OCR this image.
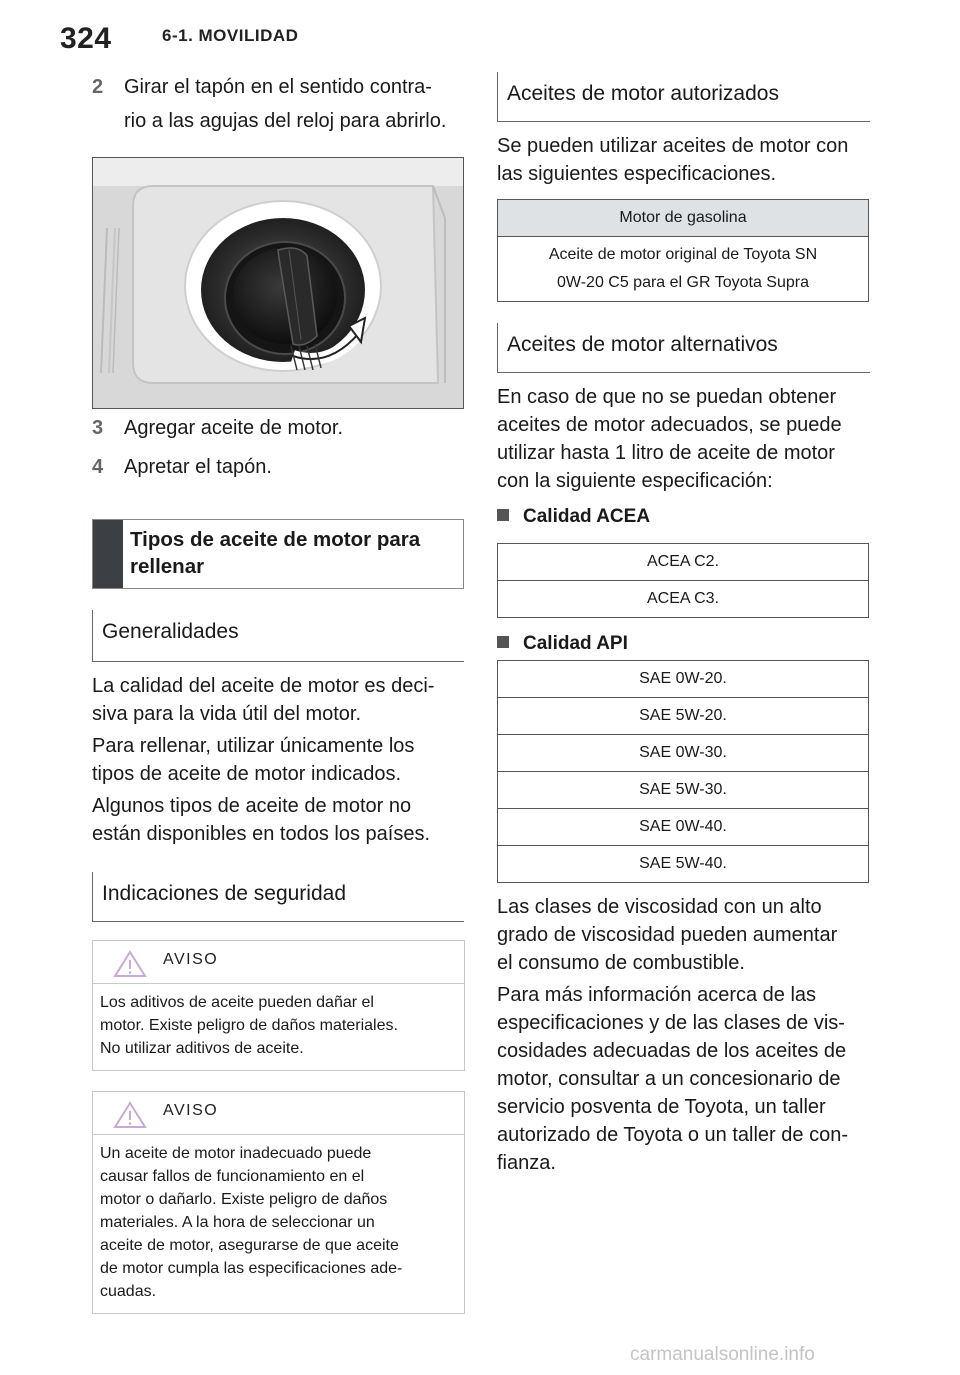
324	6-1. MOVILIDAD
2 Girar el tapón en el sentido contra-
rio a las agujas del reloj para abrirlo.
3 Agregar aceite de motor.
4 Apretar el tapón.
Tipos de aceite de motor para
rellenar
Generalidades
La calidad del aceite de motor es deci-
siva para la vida útil del motor.
Para rellenar, utilizar únicamente los
tipos de aceite de motor indicados.
Algunos tipos de aceite de motor no
están disponibles en todos los países.
Indicaciones de seguridad
AVISO
Los aditivos de aceite pueden dañar el
motor. Existe peligro de daños materiales.
No utilizar aditivos de aceite.
AVISO
Un aceite de motor inadecuado puede
causar fallos de funcionamiento en el
motor o dañarlo. Existe peligro de daños
materiales. A la hora de seleccionar un
aceite de motor, asegurarse de que aceite
de motor cumpla las especificaciones ade-
cuadas.
Aceites de motor autorizados
Se pueden utilizar aceites de motor con
las siguientes especificaciones.
Motor de gasolina

Aceite de motor original de Toyota SN
0W-20 C5 para el GR Toyota Supra
Aceites de motor alternativos
En caso de que no se puedan obtener
aceites de motor adecuados, se puede
utilizar hasta 1 litro de aceite de motor
con la siguiente especificación:
Calidad ACEA
ACEA C2.
ACEA C3.
Calidad API
SAE 0W-20.
SAE 5W-20.
SAE 0W-30.
SAE 5W-30.
SAE 0W-40.
SAE 5W-40.
Las clases de viscosidad con un alto
grado de viscosidad pueden aumentar
el consumo de combustible.
Para más información acerca de las
especificaciones y de las clases de vis-
cosidades adecuadas de los aceites de
motor, consultar a un concesionario de
servicio posventa de Toyota, un taller
autorizado de Toyota o un taller de con-
fianza.
carmanualsonline.info
